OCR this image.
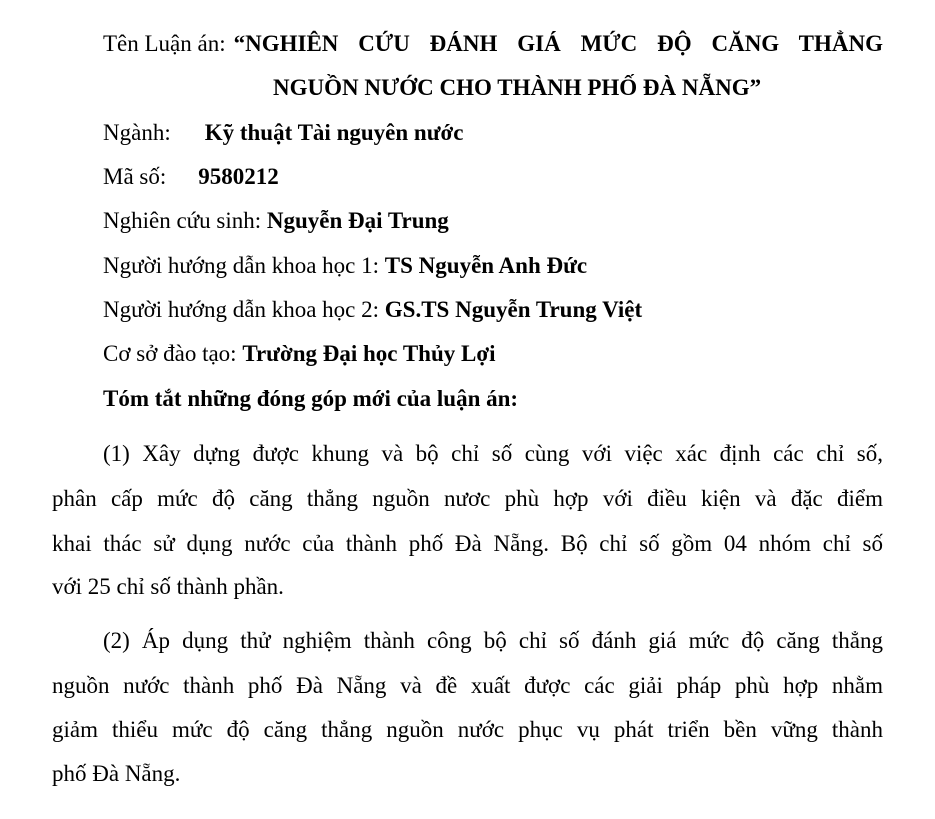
Tên Luận án: “NGHIÊN CỨU ĐÁNH GIÁ MỨC ĐỘ CĂNG THẲNG
NGUỒN NƯỚC CHO THÀNH PHỐ ĐÀ NẴNG”
Ngành: Kỹ thuật Tài nguyên nước
Mã số: 9580212
Nghiên cứu sinh: Nguyễn Đại Trung
Người hướng dẫn khoa học 1: TS Nguyễn Anh Đức
Người hướng dẫn khoa học 2: GS.TS Nguyễn Trung Việt
Cơ sở đào tạo: Trường Đại học Thủy Lợi
Tóm tắt những đóng góp mới của luận án:
(1) Xây dựng được khung và bộ chỉ số cùng với việc xác định các chỉ số,
phân cấp mức độ căng thẳng nguồn nươc phù hợp với điều kiện và đặc điểm
khai thác sử dụng nước của thành phố Đà Nẵng. Bộ chỉ số gồm 04 nhóm chỉ số
với 25 chỉ số thành phần.
(2) Áp dụng thử nghiệm thành công bộ chỉ số đánh giá mức độ căng thẳng
nguồn nước thành phố Đà Nẵng và đề xuất được các giải pháp phù hợp nhằm
giảm thiểu mức độ căng thẳng nguồn nước phục vụ phát triển bền vững thành
phố Đà Nẵng.
